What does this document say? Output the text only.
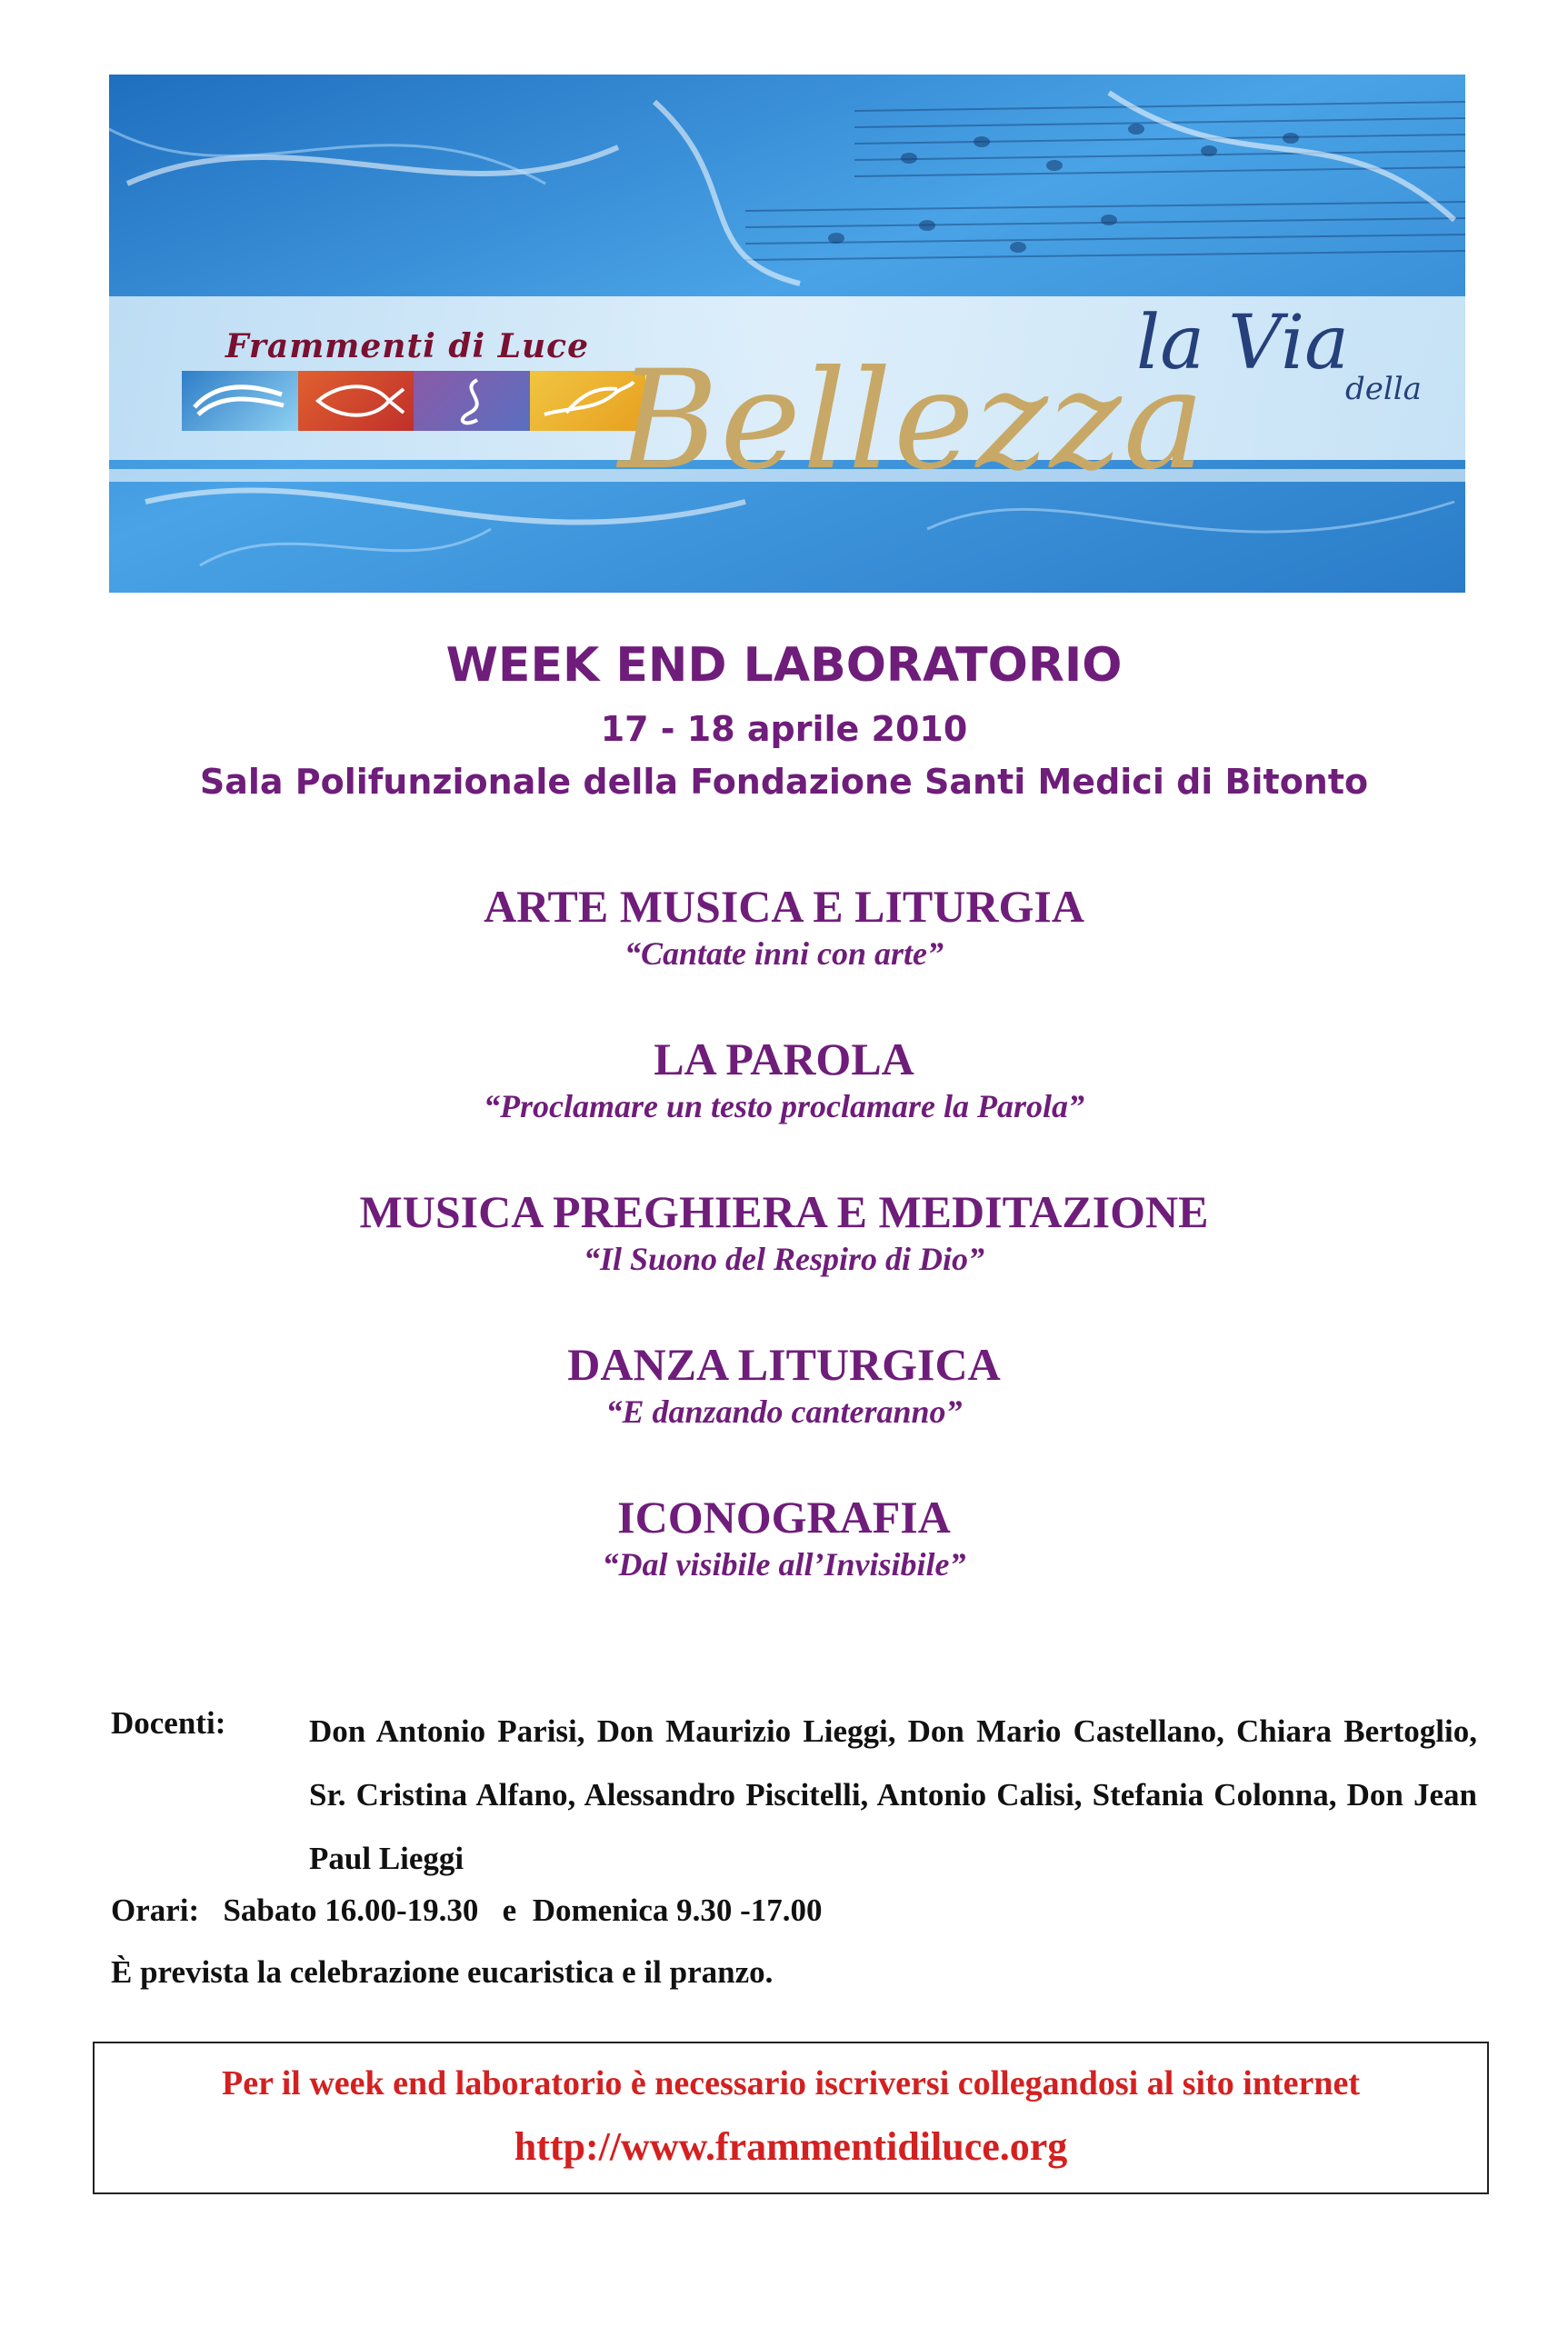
Frammenti di Luce	la Via
della
Bellezza
WEEK END LABORATORIO
17 - 18 aprile 2010
Sala Polifunzionale della Fondazione Santi Medici di Bitonto
ARTE MUSICA E LITURGIA
“Cantate inni con arte”
LA PAROLA
“Proclamare un testo proclamare la Parola”
MUSICA PREGHIERA E MEDITAZIONE
“Il Suono del Respiro di Dio”
DANZA LITURGICA
“E danzando canteranno”
ICONOGRAFIA
“Dal visibile all’Invisibile”
Docenti:	Don Antonio Parisi, Don Maurizio Lieggi, Don Mario Castellano, Chiara Bertoglio, Sr. Cristina Alfano, Alessandro Piscitelli, Antonio Calisi, Stefania Colonna, Don Jean Paul Lieggi
Orari: Sabato 16.00-19.30   e  Domenica 9.30 -17.00
È prevista la celebrazione eucaristica e il pranzo.
Per il week end laboratorio è necessario iscriversi collegandosi al sito internet
http://www.frammentidiluce.org
